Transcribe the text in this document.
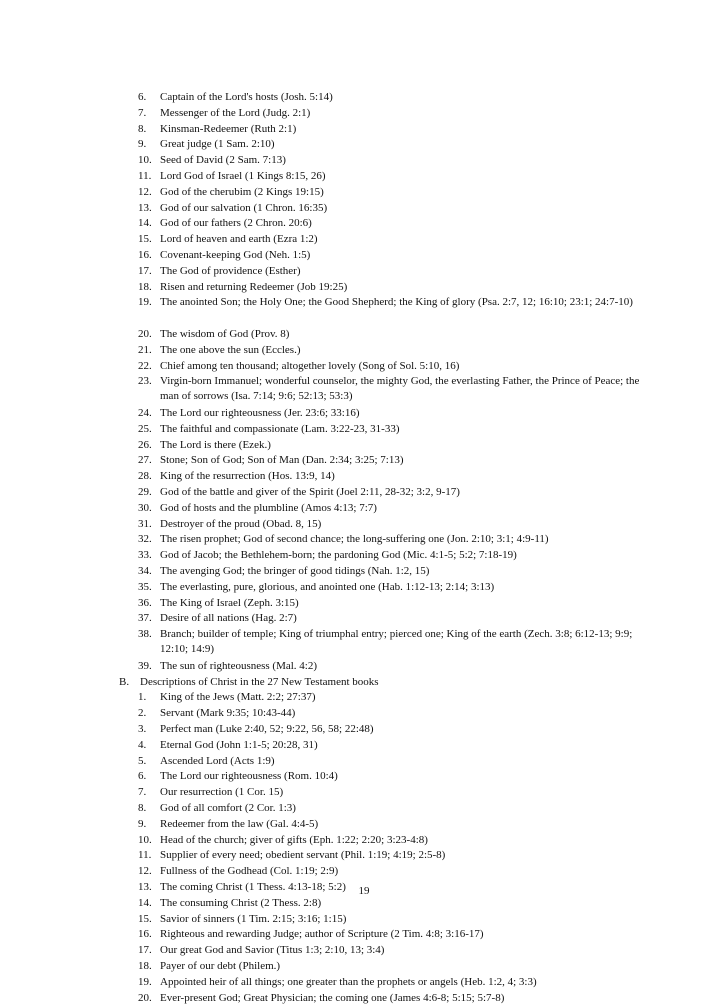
6. Captain of the Lord's hosts (Josh. 5:14)
7. Messenger of the Lord (Judg. 2:1)
8. Kinsman-Redeemer (Ruth 2:1)
9. Great judge (1 Sam. 2:10)
10. Seed of David (2 Sam. 7:13)
11. Lord God of Israel (1 Kings 8:15, 26)
12. God of the cherubim (2 Kings 19:15)
13. God of our salvation (1 Chron. 16:35)
14. God of our fathers (2 Chron. 20:6)
15. Lord of heaven and earth (Ezra 1:2)
16. Covenant-keeping God (Neh. 1:5)
17. The God of providence (Esther)
18. Risen and returning Redeemer (Job 19:25)
19. The anointed Son; the Holy One; the Good Shepherd; the King of glory (Psa. 2:7, 12; 16:10; 23:1; 24:7-10)
20. The wisdom of God (Prov. 8)
21. The one above the sun (Eccles.)
22. Chief among ten thousand; altogether lovely (Song of Sol. 5:10, 16)
23. Virgin-born Immanuel; wonderful counselor, the mighty God, the everlasting Father, the Prince of Peace; the man of sorrows (Isa. 7:14; 9:6; 52:13; 53:3)
24. The Lord our righteousness (Jer. 23:6; 33:16)
25. The faithful and compassionate (Lam. 3:22-23, 31-33)
26. The Lord is there (Ezek.)
27. Stone; Son of God; Son of Man (Dan. 2:34; 3:25; 7:13)
28. King of the resurrection (Hos. 13:9, 14)
29. God of the battle and giver of the Spirit (Joel 2:11, 28-32; 3:2, 9-17)
30. God of hosts and the plumbline (Amos 4:13; 7:7)
31. Destroyer of the proud (Obad. 8, 15)
32. The risen prophet; God of second chance; the long-suffering one (Jon. 2:10; 3:1; 4:9-11)
33. God of Jacob; the Bethlehem-born; the pardoning God (Mic. 4:1-5; 5:2; 7:18-19)
34. The avenging God; the bringer of good tidings (Nah. 1:2, 15)
35. The everlasting, pure, glorious, and anointed one (Hab. 1:12-13; 2:14; 3:13)
36. The King of Israel (Zeph. 3:15)
37. Desire of all nations (Hag. 2:7)
38. Branch; builder of temple; King of triumphal entry; pierced one; King of the earth (Zech. 3:8; 6:12-13; 9:9; 12:10; 14:9)
39. The sun of righteousness (Mal. 4:2)
B. Descriptions of Christ in the 27 New Testament books
1. King of the Jews (Matt. 2:2; 27:37)
2. Servant (Mark 9:35; 10:43-44)
3. Perfect man (Luke 2:40, 52; 9:22, 56, 58; 22:48)
4. Eternal God (John 1:1-5; 20:28, 31)
5. Ascended Lord (Acts 1:9)
6. The Lord our righteousness (Rom. 10:4)
7. Our resurrection (1 Cor. 15)
8. God of all comfort (2 Cor. 1:3)
9. Redeemer from the law (Gal. 4:4-5)
10. Head of the church; giver of gifts (Eph. 1:22; 2:20; 3:23-4:8)
11. Supplier of every need; obedient servant (Phil. 1:19; 4:19; 2:5-8)
12. Fullness of the Godhead (Col. 1:19; 2:9)
13. The coming Christ (1 Thess. 4:13-18; 5:2)
14. The consuming Christ (2 Thess. 2:8)
15. Savior of sinners (1 Tim. 2:15; 3:16; 1:15)
16. Righteous and rewarding Judge; author of Scripture (2 Tim. 4:8; 3:16-17)
17. Our great God and Savior (Titus 1:3; 2:10, 13; 3:4)
18. Payer of our debt (Philem.)
19. Appointed heir of all things; one greater than the prophets or angels (Heb. 1:2, 4; 3:3)
20. Ever-present God; Great Physician; the coming one (James 4:6-8; 5:15; 5:7-8)
19
